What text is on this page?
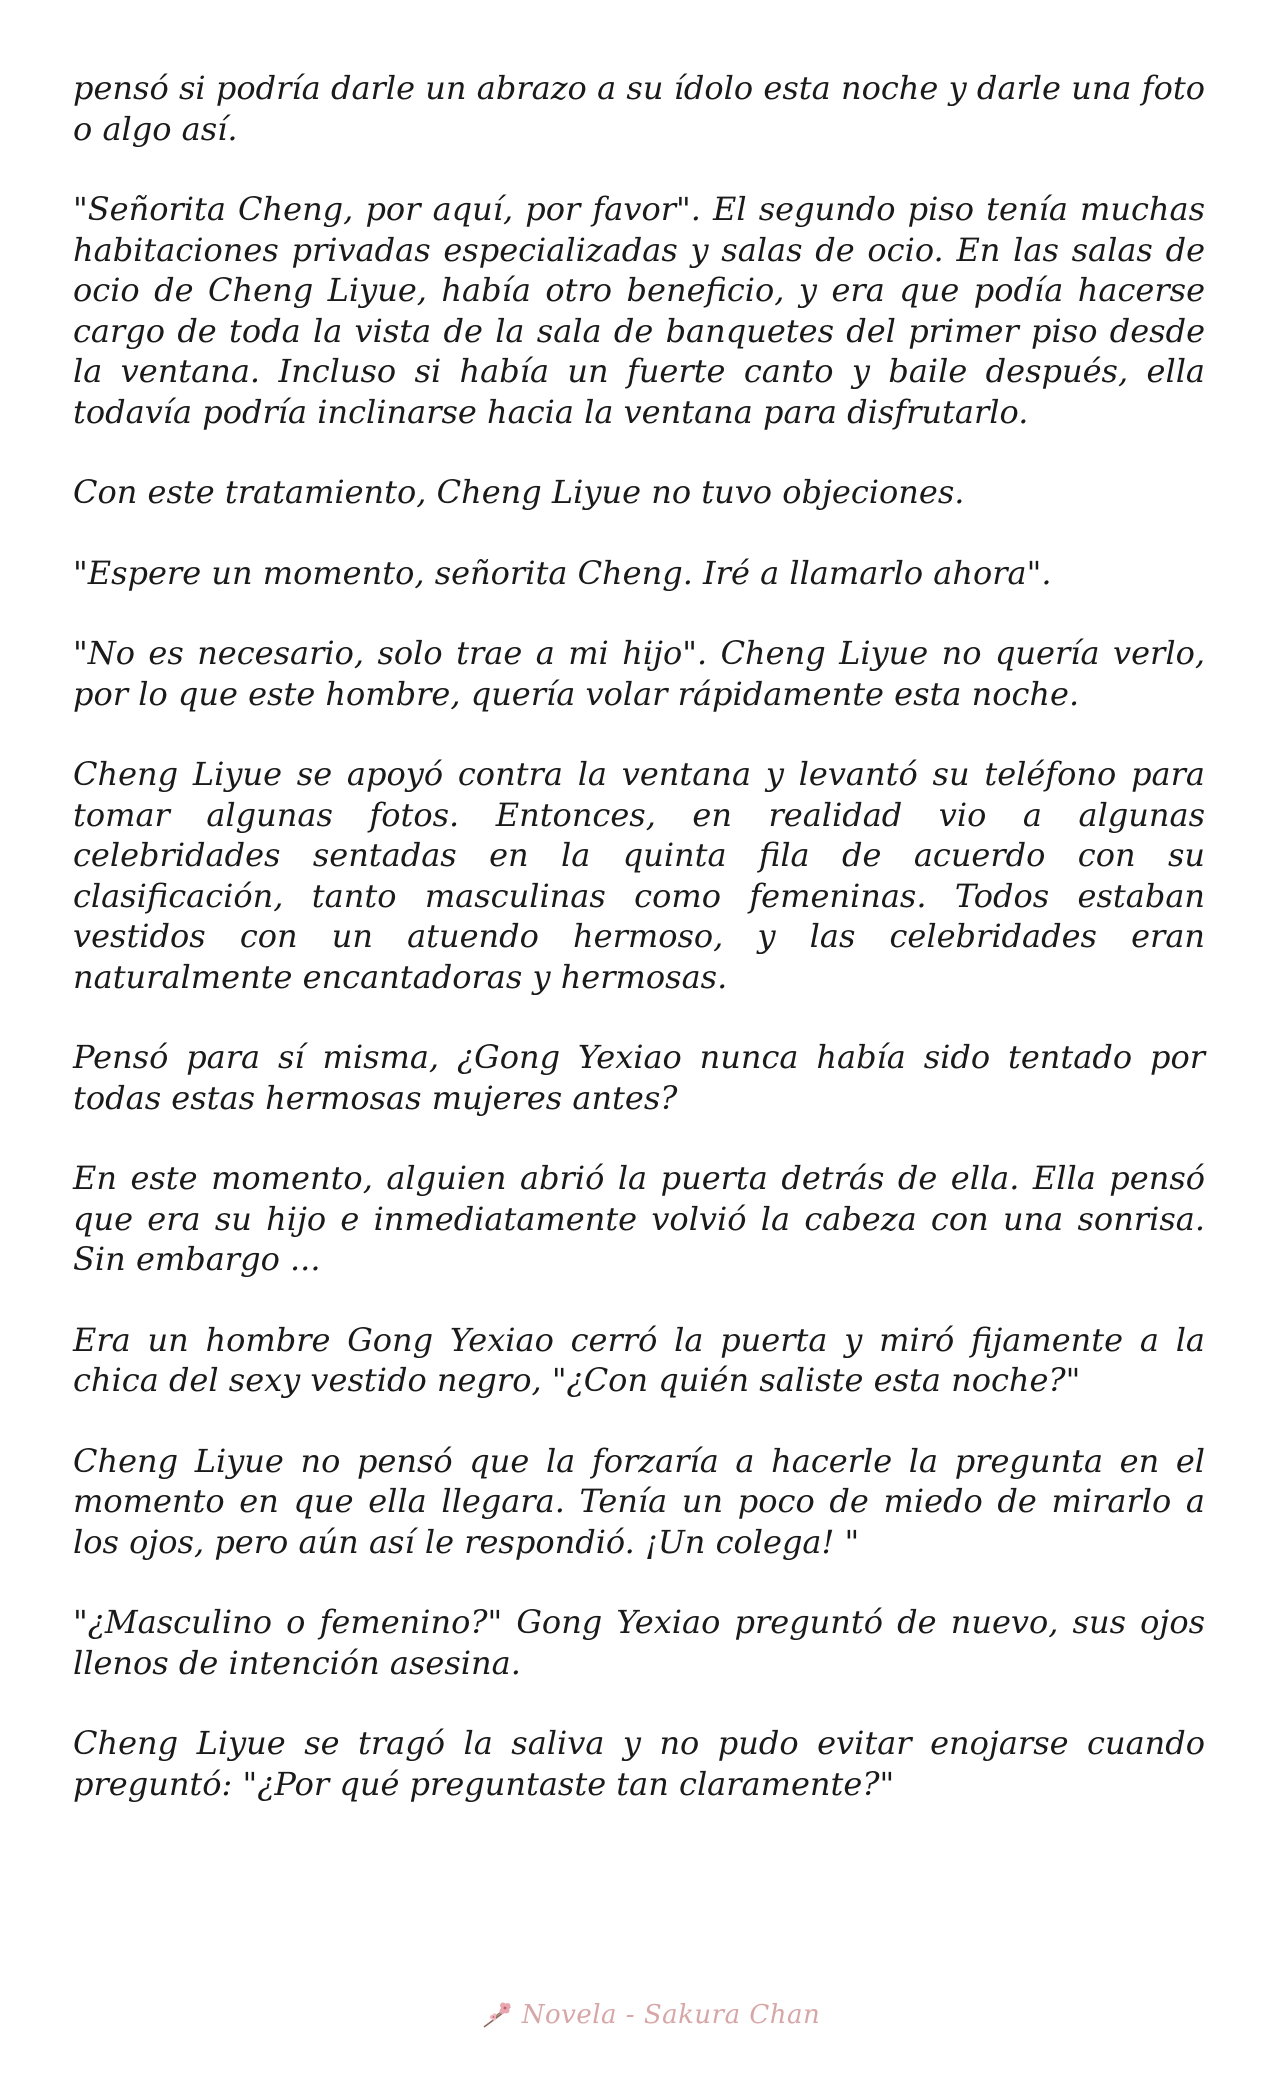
pensó si podría darle un abrazo a su ídolo esta noche y darle una foto o algo así.

"Señorita Cheng, por aquí, por favor". El segundo piso tenía muchas habitaciones privadas especializadas y salas de ocio. En las salas de ocio de Cheng Liyue, había otro beneficio, y era que podía hacerse cargo de toda la vista de la sala de banquetes del primer piso desde la ventana. Incluso si había un fuerte canto y baile después, ella todavía podría inclinarse hacia la ventana para disfrutarlo.

Con este tratamiento, Cheng Liyue no tuvo objeciones.

"Espere un momento, señorita Cheng. Iré a llamarlo ahora".

"No es necesario, solo trae a mi hijo". Cheng Liyue no quería verlo, por lo que este hombre, quería volar rápidamente esta noche.

Cheng Liyue se apoyó contra la ventana y levantó su teléfono para tomar algunas fotos. Entonces, en realidad vio a algunas celebridades sentadas en la quinta fila de acuerdo con su clasificación, tanto masculinas como femeninas. Todos estaban vestidos con un atuendo hermoso, y las celebridades eran naturalmente encantadoras y hermosas.

Pensó para sí misma, ¿Gong Yexiao nunca había sido tentado por todas estas hermosas mujeres antes?

En este momento, alguien abrió la puerta detrás de ella. Ella pensó que era su hijo e inmediatamente volvió la cabeza con una sonrisa. Sin embargo ...

Era un hombre Gong Yexiao cerró la puerta y miró fijamente a la chica del sexy vestido negro, "¿Con quién saliste esta noche?"

Cheng Liyue no pensó que la forzaría a hacerle la pregunta en el momento en que ella llegara. Tenía un poco de miedo de mirarlo a los ojos, pero aún así le respondió. ¡Un colega! "

"¿Masculino o femenino?" Gong Yexiao preguntó de nuevo, sus ojos llenos de intención asesina.

Cheng Liyue se tragó la saliva y no pudo evitar enojarse cuando preguntó: "¿Por qué preguntaste tan claramente?"

Novela - Sakura Chan
